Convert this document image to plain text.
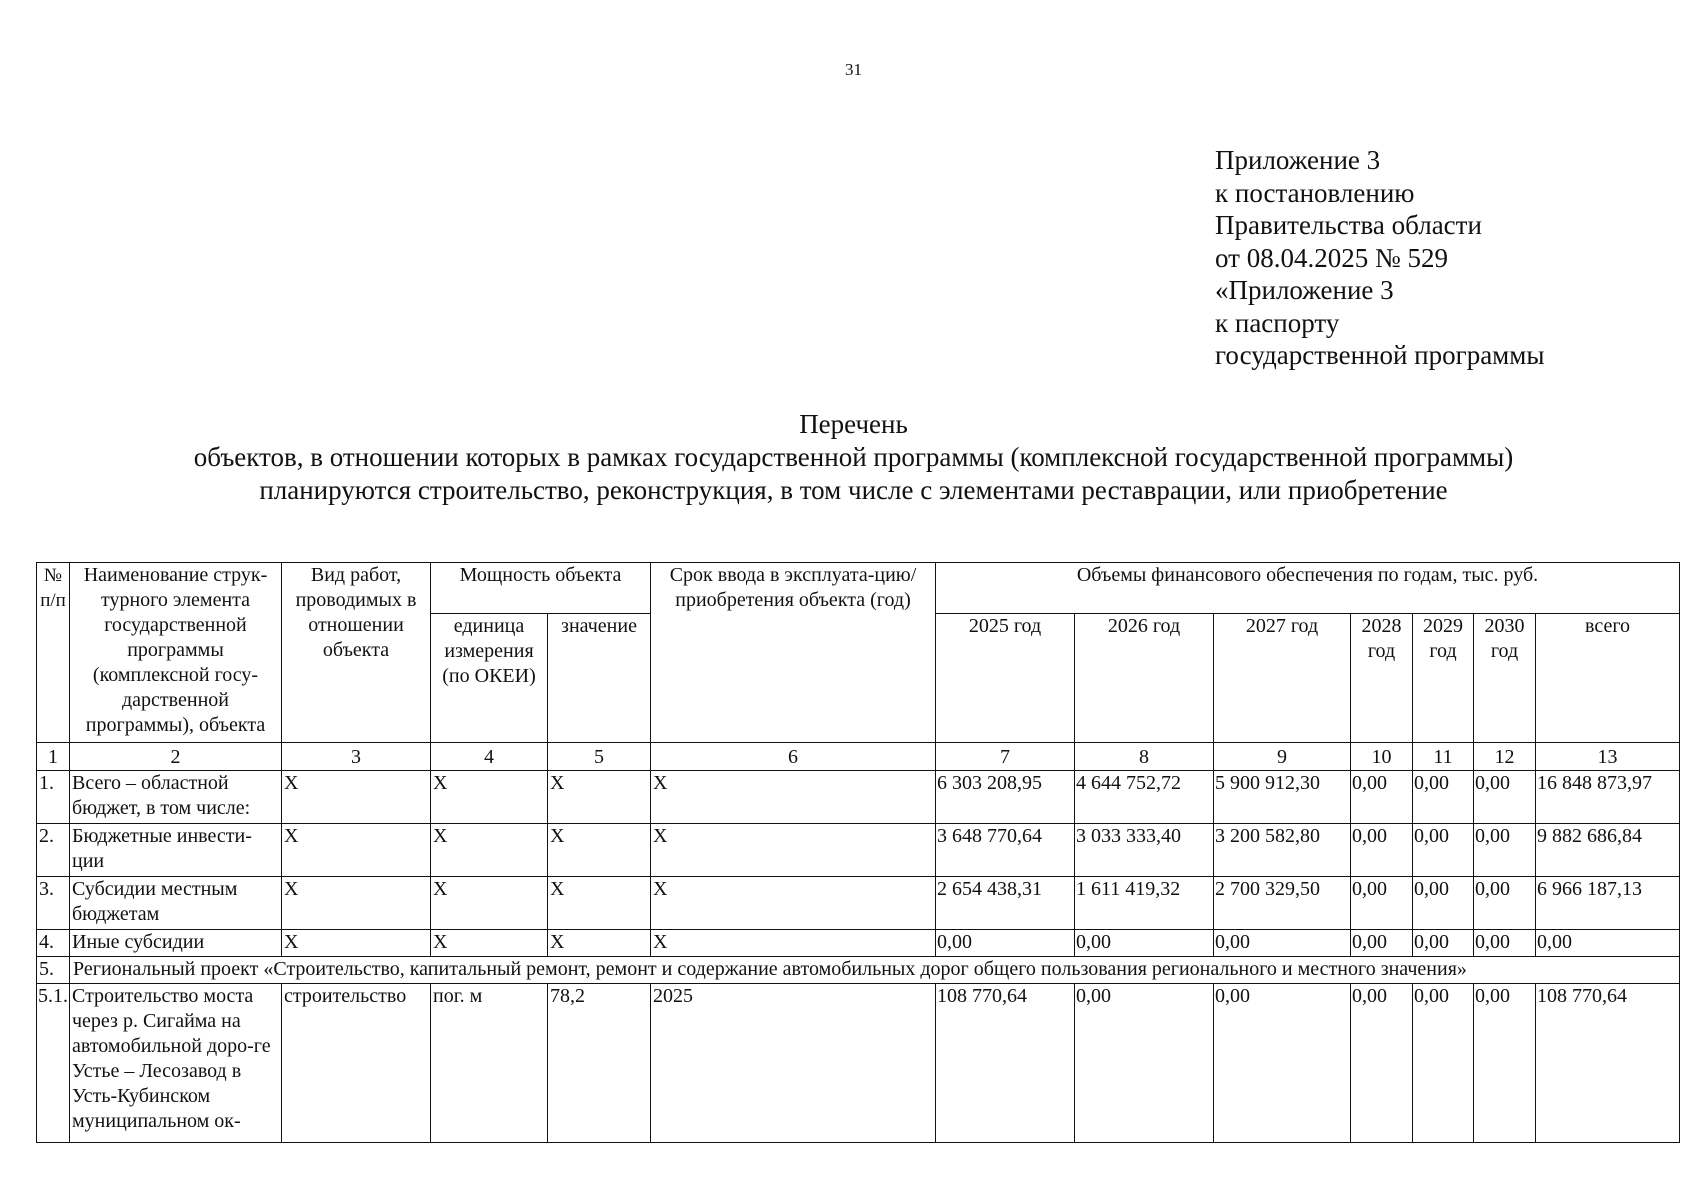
31
Приложение 3
к постановлению
Правительства области
от 08.04.2025 № 529
«Приложение 3
к паспорту
государственной программы
Перечень
объектов, в отношении которых в рамках государственной программы (комплексной государственной программы)
планируются строительство, реконструкция, в том числе с элементами реставрации, или приобретение
№ п/п	Наименование струк-турного элемента государственной программы (комплексной госу-дарственной программы), объекта	Вид работ, проводимых в отношении объекта	Мощность объекта		Срок ввода в эксплуата-цию/приобретения объекта (год)	Объемы финансового обеспечения по годам, тыс. руб.						
			единица измерения (по ОКЕИ)	значение		2025 год	2026 год	2027 год	2028 год	2029 год	2030 год	всего
1	2	3	4	5	6	7	8	9	10	11	12	13
1.	Всего – областной бюджет, в том числе:	X	X	X	X	6 303 208,95	4 644 752,72	5 900 912,30	0,00	0,00	0,00	16 848 873,97
2.	Бюджетные инвести-ции	X	X	X	X	3 648 770,64	3 033 333,40	3 200 582,80	0,00	0,00	0,00	9 882 686,84
3.	Субсидии местным бюджетам	X	X	X	X	2 654 438,31	1 611 419,32	2 700 329,50	0,00	0,00	0,00	6 966 187,13
4.	Иные субсидии	X	X	X	X	0,00	0,00	0,00	0,00	0,00	0,00	0,00
5.	Региональный проект «Строительство, капитальный ремонт, ремонт и содержание автомобильных дорог общего пользования регионального и местного значения»											
5.1.	Строительство моста через р. Сигайма на автомобильной доро-ге Устье – Лесозавод в Усть-Кубинском муниципальном ок-	строительство	пог. м	78,2	2025	108 770,64	0,00	0,00	0,00	0,00	0,00	108 770,64
